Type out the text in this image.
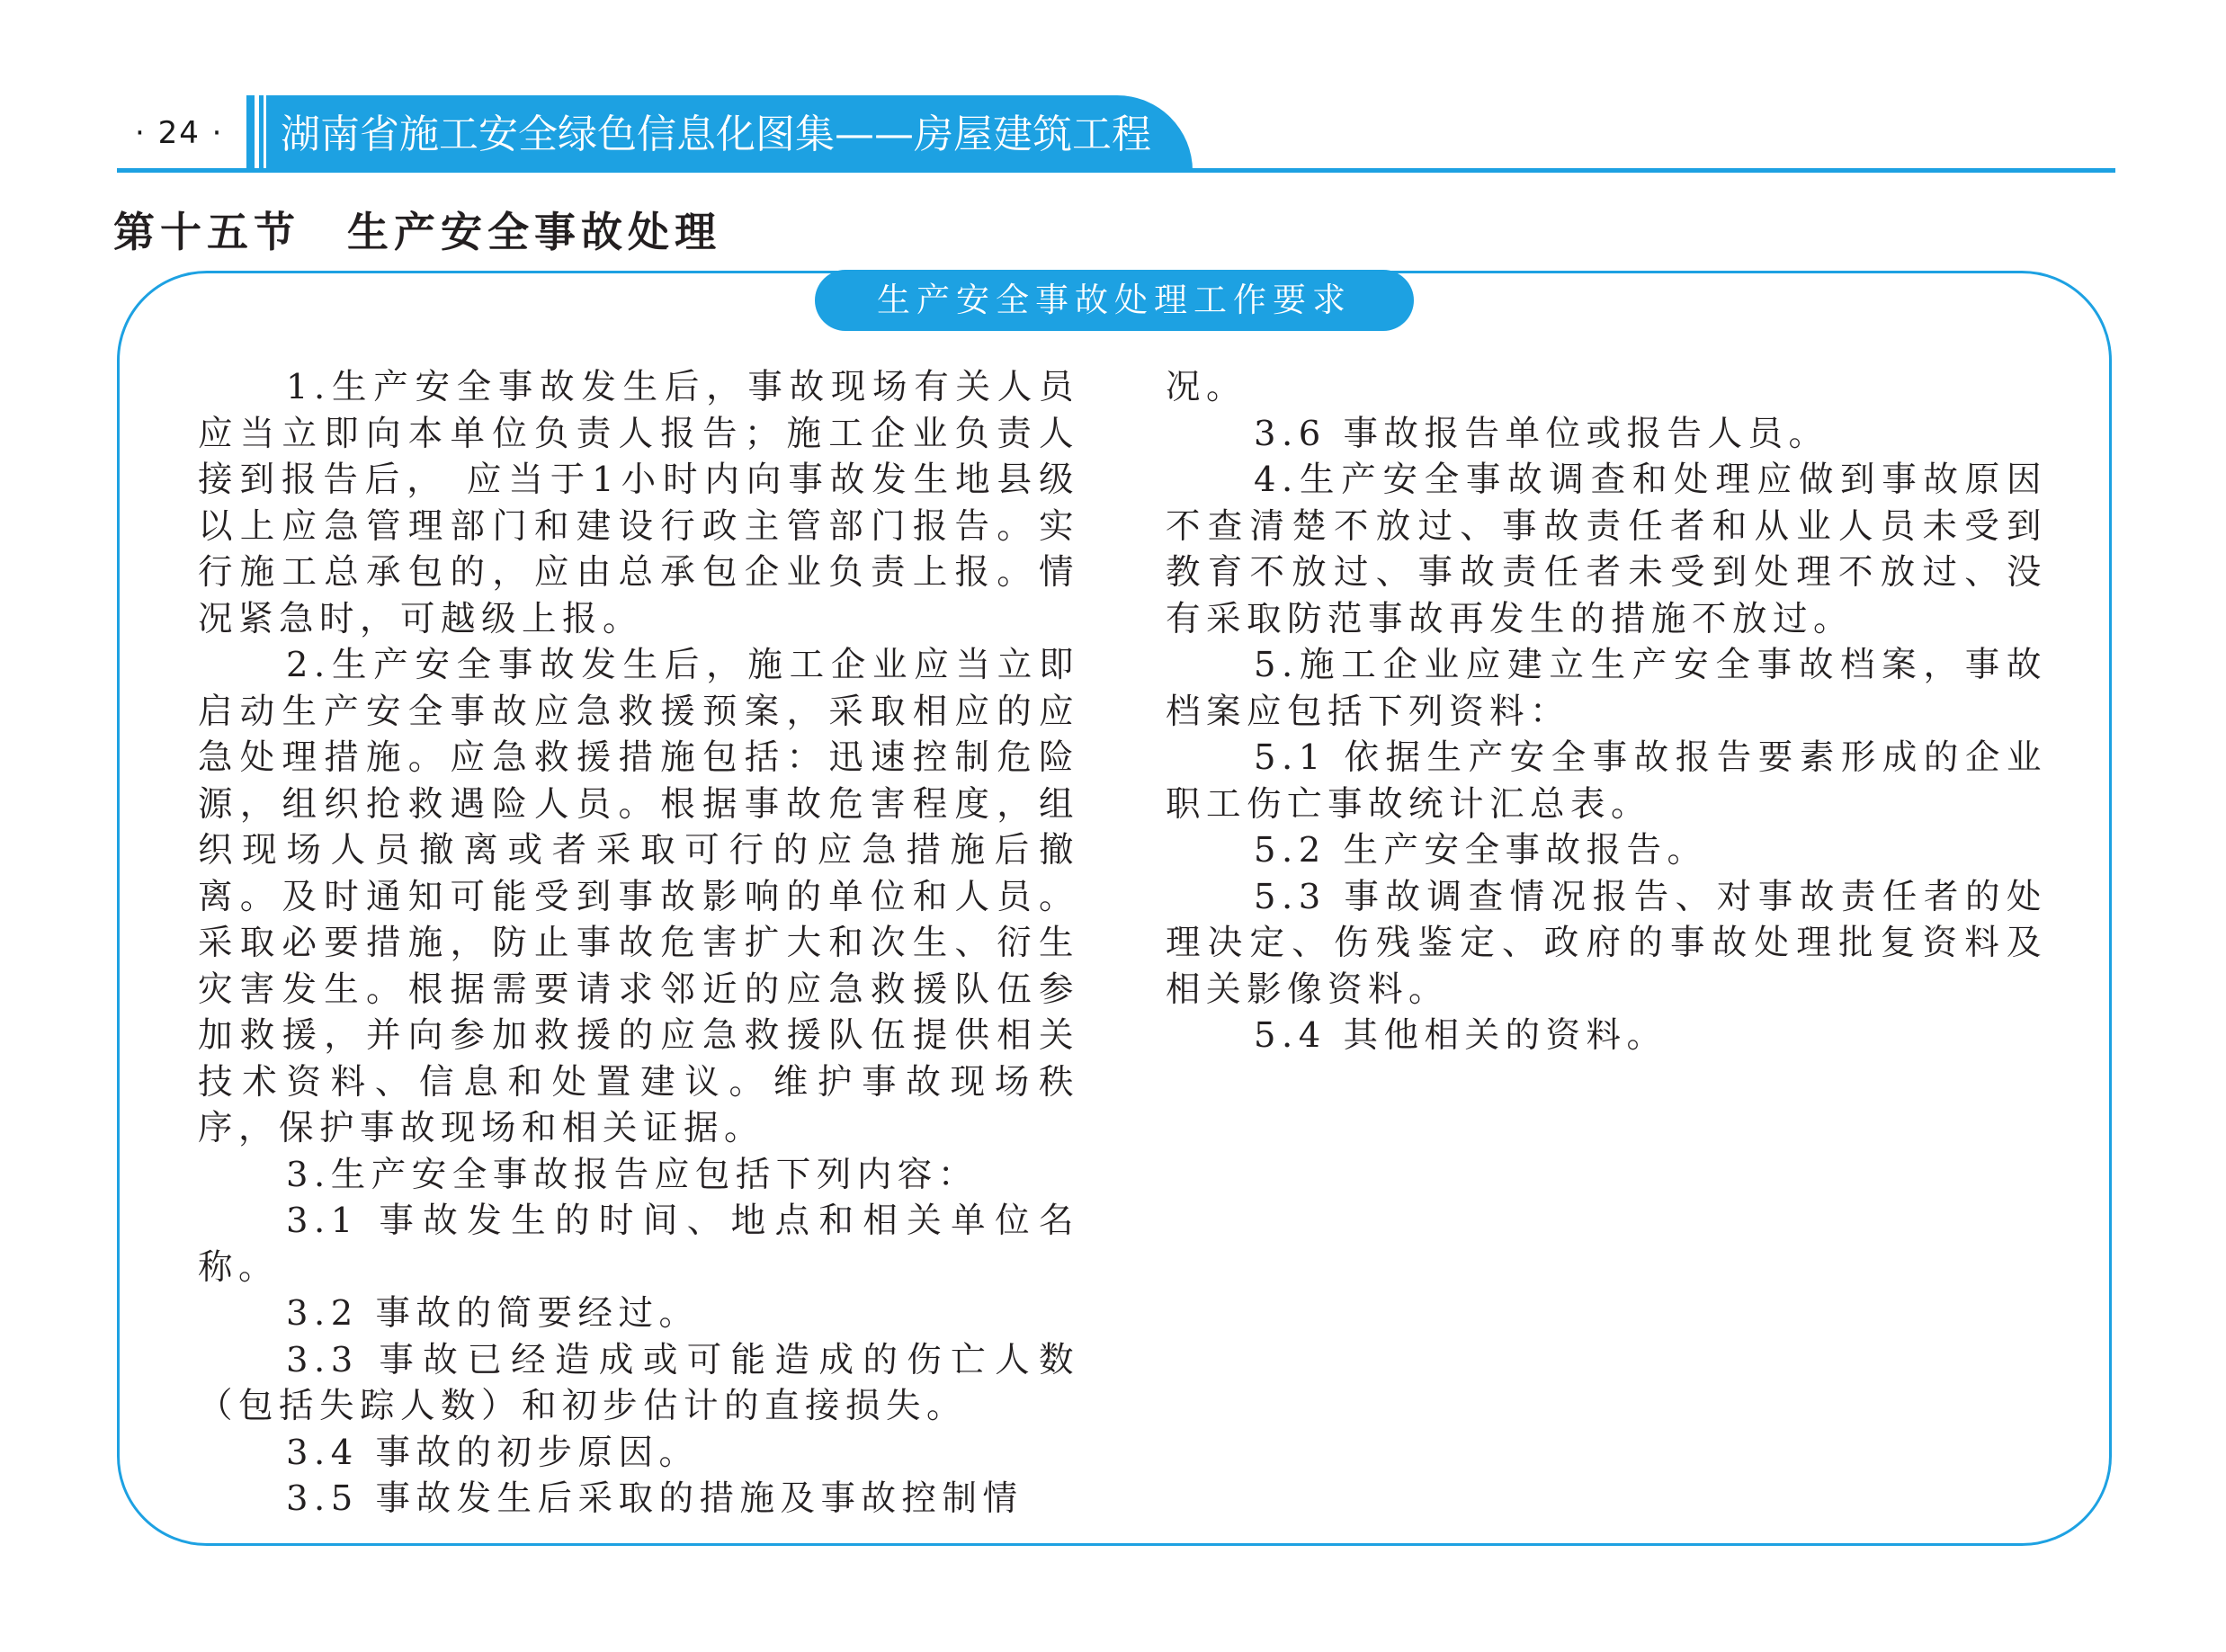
· 24 · 湖南省施工安全绿色信息化图集——房屋建筑工程
第十五节　生产安全事故处理
生产安全事故处理工作要求

1.生产安全事故发生后，事故现场有关人员应当立即向本单位负责人报告；施工企业负责人接到报告后， 应当于1小时内向事故发生地县级以上应急管理部门和建设行政主管部门报告。实行施工总承包的，应由总承包企业负责上报。情况紧急时，可越级上报。

2.生产安全事故发生后，施工企业应当立即启动生产安全事故应急救援预案，采取相应的应急处理措施。应急救援措施包括：迅速控制危险源，组织抢救遇险人员。根据事故危害程度，组织现场人员撤离或者采取可行的应急措施后撤离。及时通知可能受到事故影响的单位和人员。采取必要措施，防止事故危害扩大和次生、衍生灾害发生。根据需要请求邻近的应急救援队伍参加救援，并向参加救援的应急救援队伍提供相关技术资料、信息和处置建议。维护事故现场秩序，保护事故现场和相关证据。

3.生产安全事故报告应包括下列内容：

3.1 事故发生的时间、地点和相关单位名称。

3.2 事故的简要经过。

3.3 事故已经造成或可能造成的伤亡人数（包括失踪人数）和初步估计的直接损失。

3.4 事故的初步原因。

3.5 事故发生后采取的措施及事故控制情

况。

3.6 事故报告单位或报告人员。

4.生产安全事故调查和处理应做到事故原因不查清楚不放过、事故责任者和从业人员未受到教育不放过、事故责任者未受到处理不放过、没有采取防范事故再发生的措施不放过。

5.施工企业应建立生产安全事故档案，事故档案应包括下列资料：

5.1 依据生产安全事故报告要素形成的企业职工伤亡事故统计汇总表。

5.2 生产安全事故报告。

5.3 事故调查情况报告、对事故责任者的处理决定、伤残鉴定、政府的事故处理批复资料及相关影像资料。

5.4 其他相关的资料。
